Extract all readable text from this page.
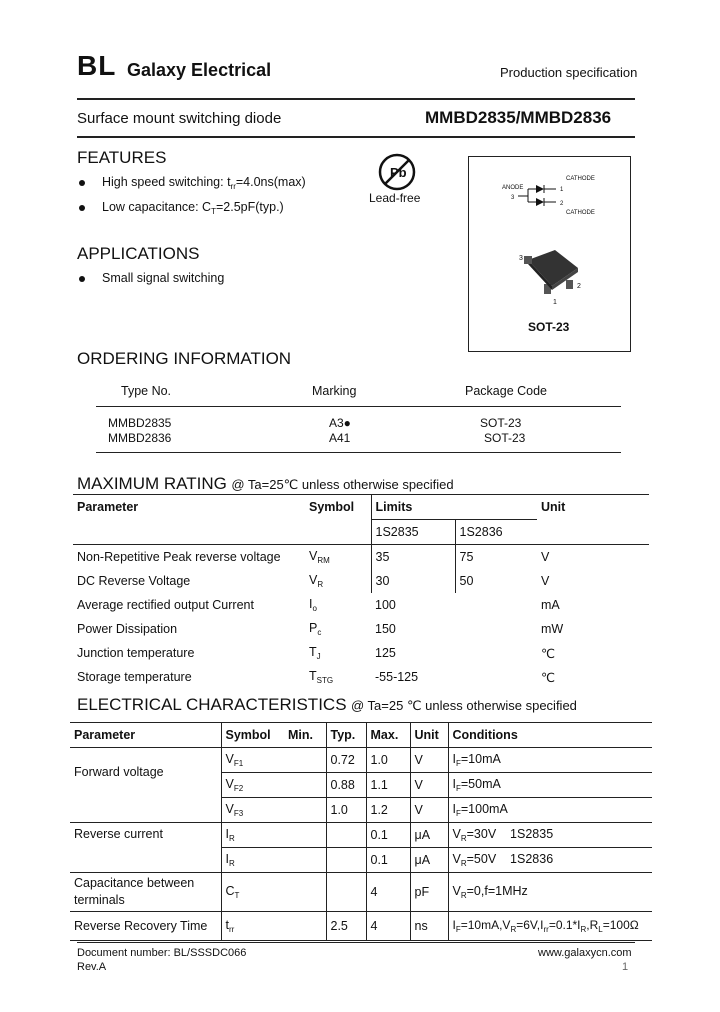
BL Galaxy Electrical	Production specification
Surface mount switching diode	MMBD2835/MMBD2836
FEATURES
High speed switching: $t_{rr}=4.0ns(\max)$
Low capacitance: $C_T=2.5pF(typ.)$
Pb
Lead-free
ANODE
CATHODE
CATHODE
3
1
2
3
2
1
SOT-23
APPLICATIONS
Small signal switching
ORDERING INFORMATION
Type No.	Marking	Package Code
MMBD2835	A3●	SOT-23
MMBD2836	A41	SOT-23
MAXIMUM RATING @ Ta=25℃ unless otherwise specified
Parameter	Symbol	Limits		Unit
		1S2835	1S2836	
Non-Repetitive Peak reverse voltage	$V_{RM}$	35	75	V
DC Reverse Voltage	$V_R$	30	50	V
Average rectified output Current	$I_o$	100		mA
Power Dissipation	$P_c$	150		mW
Junction temperature	$T_J$	125		℃
Storage temperature	$T_{STG}$	-55-125		℃
ELECTRICAL CHARACTERISTICS @ Ta=25 ℃ unless otherwise specified
Parameter	Symbol	Min.	Typ.	Max.	Unit	Conditions
Forward voltage	$V_{F1}$		0.72	1.0	V	$I_F=10mA$
	$V_{F2}$		0.88	1.1	V	$I_F=50mA$
	$V_{F3}$		1.0	1.2	V	$I_F=100mA$
Reverse current	$I_R$			0.1	μA	$V_R=30V$    1S2835
	$I_R$			0.1	μA	$V_R=50V$    1S2836
Capacitance between
terminals	$C_T$			4	pF	$V_R=0,f=1MHz$
Reverse Recovery Time	$t_{rr}$		2.5	4	ns	$I_F=10mA,V_R=6V,I_{rr}=0.1*I_R,R_L=100\Omega$
Document number: BL/SSSDC066
Rev.A
www.galaxycn.com
1
